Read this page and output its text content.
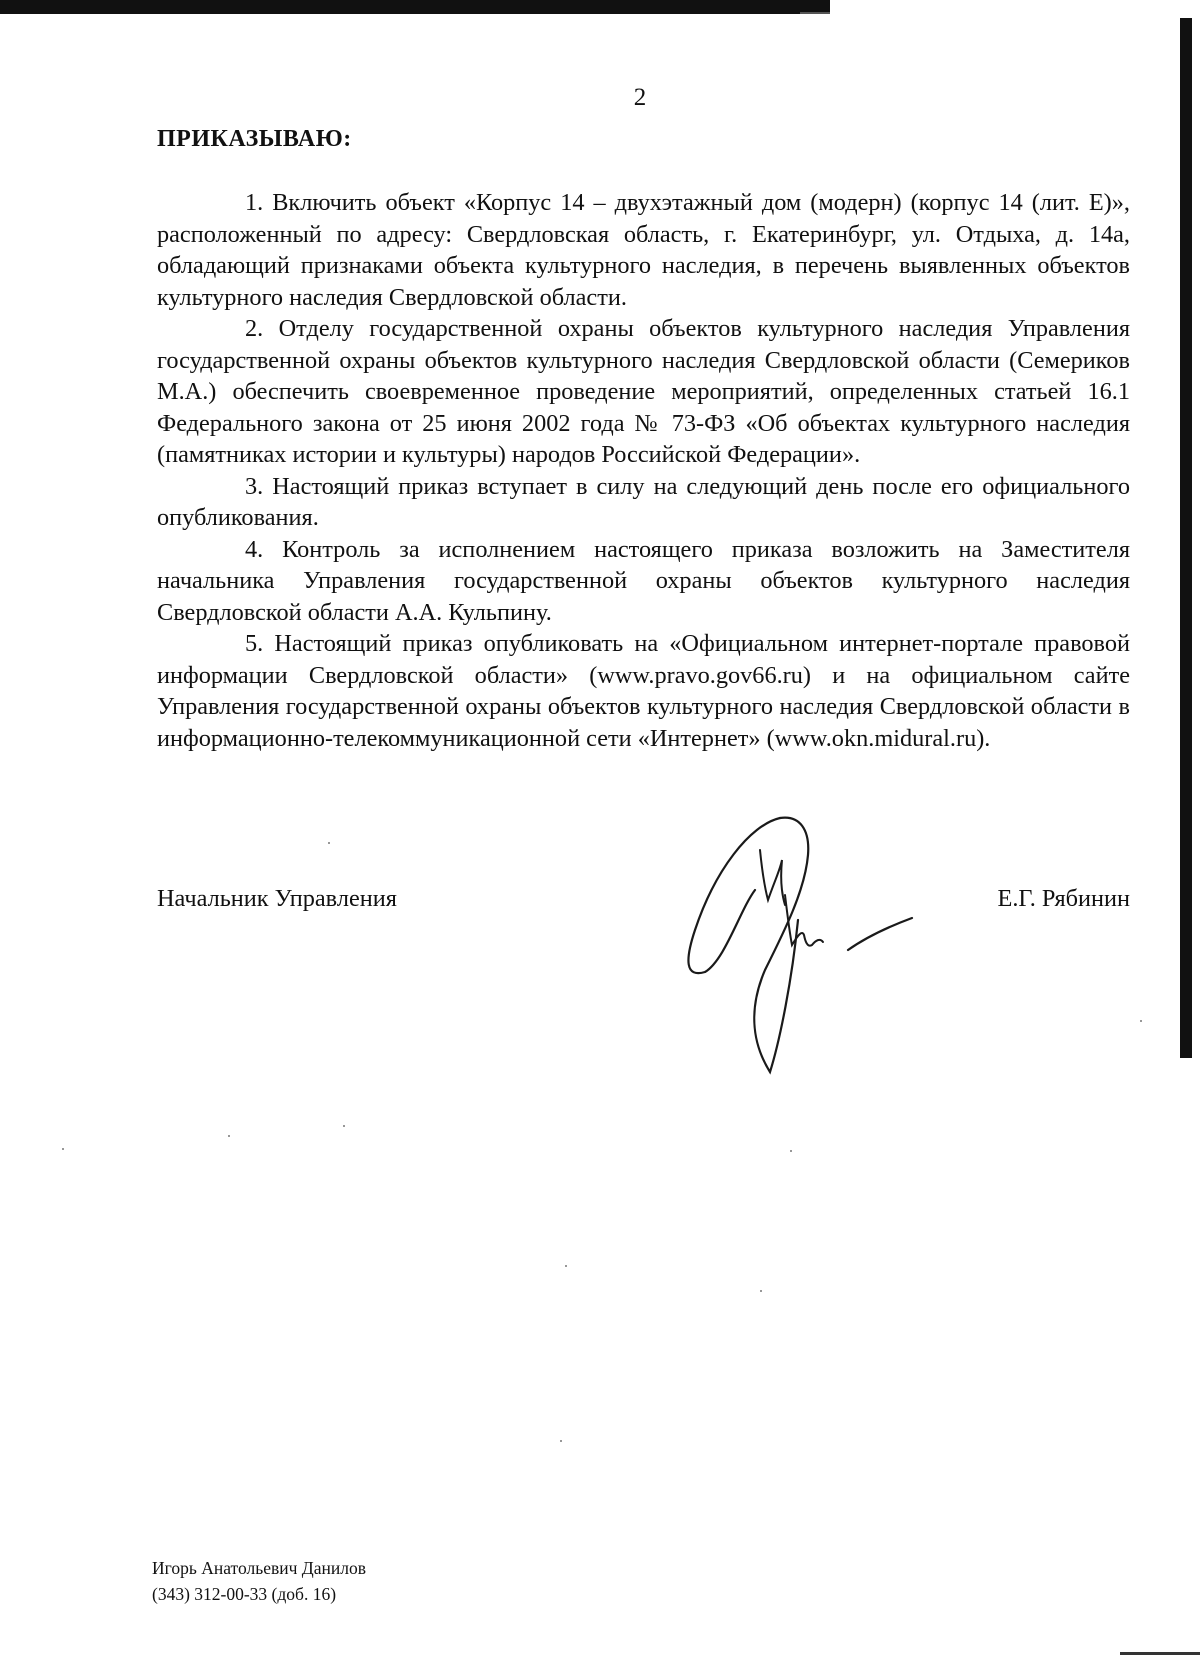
2
ПРИКАЗЫВАЮ:

1. Включить объект «Корпус 14 – двухэтажный дом (модерн) (корпус 14 (лит. Е)», расположенный по адресу: Свердловская область, г. Екатеринбург, ул. Отдыха, д. 14а, обладающий признаками объекта культурного наследия, в перечень выявленных объектов культурного наследия Свердловской области.

2. Отделу государственной охраны объектов культурного наследия Управления государственной охраны объектов культурного наследия Свердловской области (Семериков М.А.) обеспечить своевременное проведение мероприятий, определенных статьей 16.1 Федерального закона от 25 июня 2002 года № 73-ФЗ «Об объектах культурного наследия (памятниках истории и культуры) народов Российской Федерации».

3. Настоящий приказ вступает в силу на следующий день после его официального опубликования.

4. Контроль за исполнением настоящего приказа возложить на Заместителя начальника Управления государственной охраны объектов культурного наследия Свердловской области А.А. Кульпину.

5. Настоящий приказ опубликовать на «Официальном интернет-портале правовой информации Свердловской области» (www.pravo.gov66.ru) и на официальном сайте Управления государственной охраны объектов культурного наследия Свердловской области в информационно-телекоммуникационной сети «Интернет» (www.okn.midural.ru).

Начальник Управления	Е.Г. Рябинин
Игорь Анатольевич Данилов
(343) 312-00-33 (доб. 16)
